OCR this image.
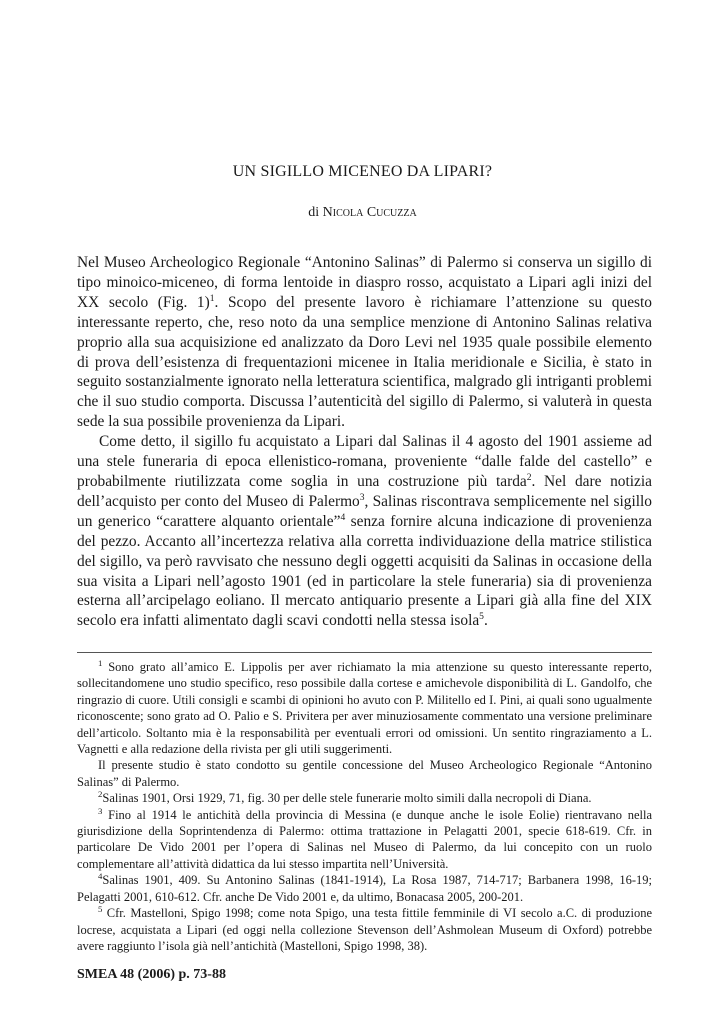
UN SIGILLO MICENEO DA LIPARI?
di Nicola Cucuzza

Nel Museo Archeologico Regionale “Antonino Salinas” di Palermo si conserva un sigillo di tipo minoico-miceneo, di forma lentoide in diaspro rosso, acquistato a Lipari agli inizi del XX secolo (Fig. 1)$^1$. Scopo del presente lavoro è richiamare l’attenzione su questo interessante reperto, che, reso noto da una semplice menzione di Antonino Salinas relativa proprio alla sua acquisizione ed analizzato da Doro Levi nel 1935 quale possibile elemento di prova dell’esistenza di frequentazioni micenee in Italia meridionale e Sicilia, è stato in seguito sostanzialmente ignorato nella letteratura scientifica, malgrado gli intriganti problemi che il suo studio comporta. Discussa l’autenticità del sigillo di Palermo, si valuterà in questa sede la sua possibile provenienza da Lipari.

Come detto, il sigillo fu acquistato a Lipari dal Salinas il 4 agosto del 1901 assieme ad una stele funeraria di epoca ellenistico-romana, proveniente “dalle falde del castello” e probabilmente riutilizzata come soglia in una costruzione più tarda$^2$. Nel dare notizia dell’acquisto per conto del Museo di Palermo$^3$, Salinas riscontrava semplicemente nel sigillo un generico “carattere alquanto orientale”$^4$ senza fornire alcuna indicazione di provenienza del pezzo. Accanto all’incertezza relativa alla corretta individuazione della matrice stilistica del sigillo, va però ravvisato che nessuno degli oggetti acquisiti da Salinas in occasione della sua visita a Lipari nell’agosto 1901 (ed in particolare la stele funeraria) sia di provenienza esterna all’arcipelago eoliano. Il mercato antiquario presente a Lipari già alla fine del XIX secolo era infatti alimentato dagli scavi condotti nella stessa isola$^5$.

$^1$ Sono grato all’amico E. Lippolis per aver richiamato la mia attenzione su questo interessante reperto, sollecitandomene uno studio specifico, reso possibile dalla cortese e amichevole disponibilità di L. Gandolfo, che ringrazio di cuore. Utili consigli e scambi di opinioni ho avuto con P. Militello ed I. Pini, ai quali sono ugualmente riconoscente; sono grato ad O. Palio e S. Privitera per aver minuziosamente commentato una versione preliminare dell’articolo. Soltanto mia è la responsabilità per eventuali errori od omissioni. Un sentito ringraziamento a L. Vagnetti e alla redazione della rivista per gli utili suggerimenti.

Il presente studio è stato condotto su gentile concessione del Museo Archeologico Regionale “Antonino Salinas” di Palermo.

$^2$Salinas 1901, Orsi 1929, 71, fig. 30 per delle stele funerarie molto simili dalla necropoli di Diana.

$^3$ Fino al 1914 le antichità della provincia di Messina (e dunque anche le isole Eolie) rientravano nella giurisdizione della Soprintendenza di Palermo: ottima trattazione in Pelagatti 2001, specie 618-619. Cfr. in particolare De Vido 2001 per l’opera di Salinas nel Museo di Palermo, da lui concepito con un ruolo complementare all’attività didattica da lui stesso impartita nell’Università.

$^4$Salinas 1901, 409. Su Antonino Salinas (1841-1914), La Rosa 1987, 714-717; Barbanera 1998, 16-19; Pelagatti 2001, 610-612. Cfr. anche De Vido 2001 e, da ultimo, Bonacasa 2005, 200-201.

$^5$ Cfr. Mastelloni, Spigo 1998; come nota Spigo, una testa fittile femminile di VI secolo a.C. di produzione locrese, acquistata a Lipari (ed oggi nella collezione Stevenson dell’Ashmolean Museum di Oxford) potrebbe avere raggiunto l’isola già nell’antichità (Mastelloni, Spigo 1998, 38).

SMEA 48 (2006) p. 73-88
